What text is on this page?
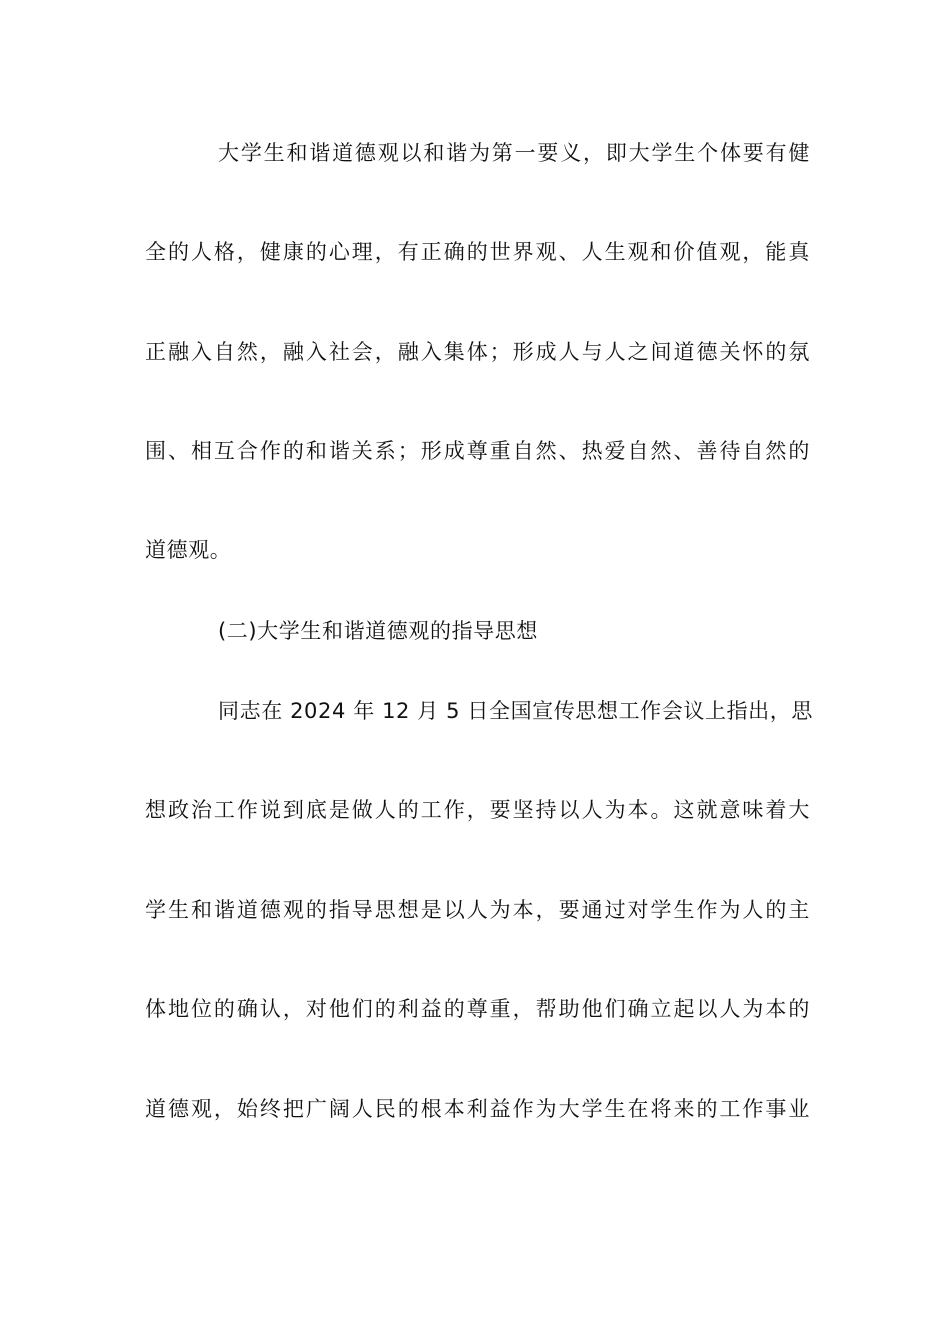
大学生和谐道德观以和谐为第一要义，即大学生个体要有健
全的人格，健康的心理，有正确的世界观、人生观和价值观，能真
正融入自然，融入社会，融入集体；形成人与人之间道德关怀的氛
围、相互合作的和谐关系；形成尊重自然、热爱自然、善待自然的
道德观。
(二)大学生和谐道德观的指导思想
同志在 2024 年 12 月 5 日全国宣传思想工作会议上指出，思
想政治工作说到底是做人的工作，要坚持以人为本。这就意味着大
学生和谐道德观的指导思想是以人为本，要通过对学生作为人的主
体地位的确认，对他们的利益的尊重，帮助他们确立起以人为本的
道德观，始终把广阔人民的根本利益作为大学生在将来的工作事业
